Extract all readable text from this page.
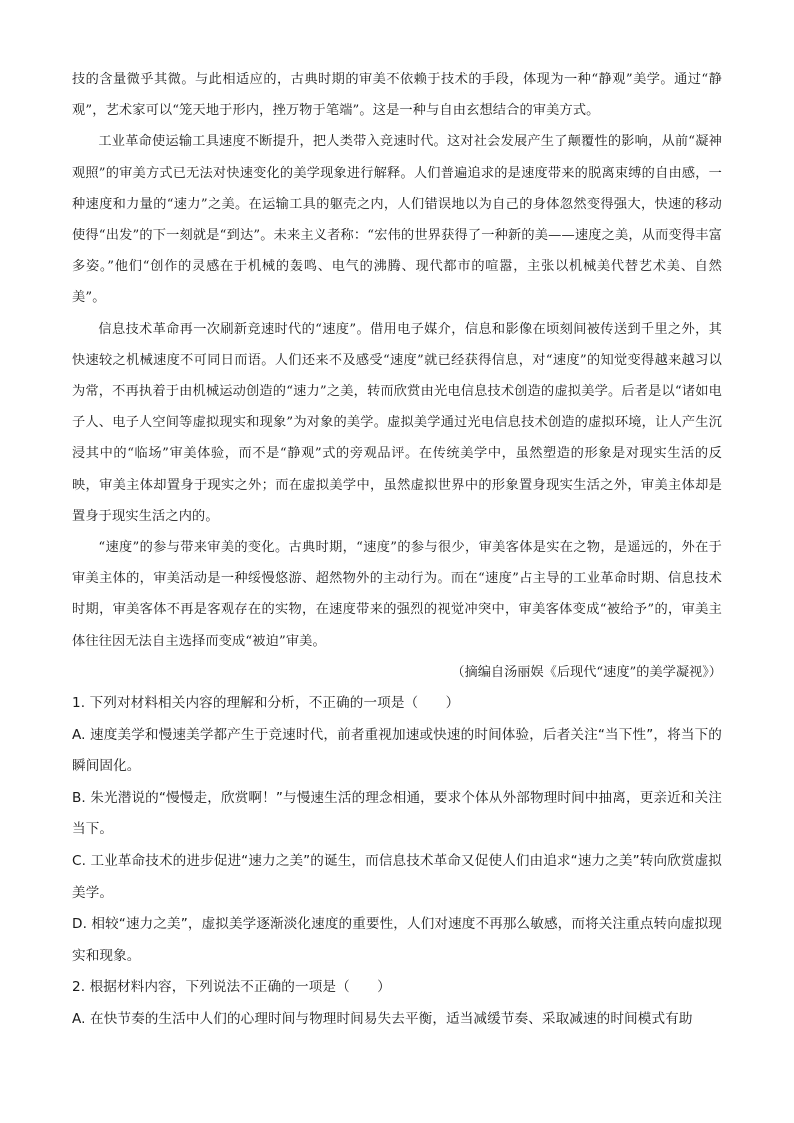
技的含量微乎其微。与此相适应的，古典时期的审美不依赖于技术的手段，体现为一种“静观”美学。通过“静观”，艺术家可以“笼天地于形内，挫万物于笔端”。这是一种与自由玄想结合的审美方式。

工业革命使运输工具速度不断提升，把人类带入竞速时代。这对社会发展产生了颠覆性的影响，从前“凝神观照”的审美方式已无法对快速变化的美学现象进行解释。人们普遍追求的是速度带来的脱离束缚的自由感，一种速度和力量的“速力”之美。在运输工具的躯壳之内，人们错误地以为自己的身体忽然变得强大，快速的移动使得“出发”的下一刻就是“到达”。未来主义者称：“宏伟的世界获得了一种新的美——速度之美，从而变得丰富多姿。”他们“创作的灵感在于机械的轰鸣、电气的沸腾、现代都市的喧嚣，主张以机械美代替艺术美、自然美”。

信息技术革命再一次刷新竞速时代的“速度”。借用电子媒介，信息和影像在顷刻间被传送到千里之外，其快速较之机械速度不可同日而语。人们还来不及感受“速度”就已经获得信息，对“速度”的知觉变得越来越习以为常，不再执着于由机械运动创造的“速力”之美，转而欣赏由光电信息技术创造的虚拟美学。后者是以“诸如电子人、电子人空间等虚拟现实和现象”为对象的美学。虚拟美学通过光电信息技术创造的虚拟环境，让人产生沉浸其中的“临场”审美体验，而不是“静观”式的旁观品评。在传统美学中，虽然塑造的形象是对现实生活的反映，审美主体却置身于现实之外；而在虚拟美学中，虽然虚拟世界中的形象置身现实生活之外，审美主体却是置身于现实生活之内的。

“速度”的参与带来审美的变化。古典时期，“速度”的参与很少，审美客体是实在之物，是遥远的，外在于审美主体的，审美活动是一种绥慢悠游、超然物外的主动行为。而在“速度”占主导的工业革命时期、信息技术时期，审美客体不再是客观存在的实物，在速度带来的强烈的视觉冲突中，审美客体变成“被给予”的，审美主体往往因无法自主选择而变成“被迫”审美。

（摘编自汤丽娱《后现代“速度”的美学凝视》）

1. 下列对材料相关内容的理解和分析，不正确的一项是（　　）

A. 速度美学和慢速美学都产生于竞速时代，前者重视加速或快速的时间体验，后者关注“当下性”，将当下的瞬间固化。

B. 朱光潜说的“慢慢走，欣赏啊！”与慢速生活的理念相通，要求个体从外部物理时间中抽离，更亲近和关注当下。

C. 工业革命技术的进步促进“速力之美”的诞生，而信息技术革命又促使人们由追求“速力之美”转向欣赏虚拟美学。

D. 相较“速力之美”，虚拟美学逐渐淡化速度的重要性，人们对速度不再那么敏感，而将关注重点转向虚拟现实和现象。

2. 根据材料内容，下列说法不正确的一项是（　　）

A. 在快节奏的生活中人们的心理时间与物理时间易失去平衡，适当减缓节奏、采取减速的时间模式有助
